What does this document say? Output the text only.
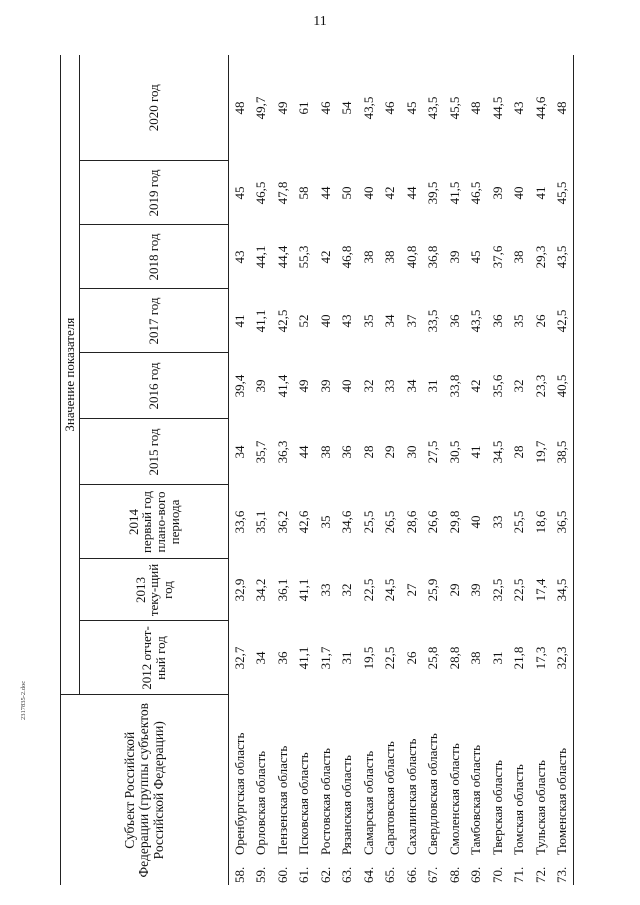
11
2317835-2.doc
Субъект Российской Федерации (группы субъектов Российской Федерации)		Значение показателя								
		2012 отчет-ный год	2013 теку-щий год	2014 первый год плано-вого периода	2015 год	2016 год	2017 год	2018 год	2019 год	2020 год
58.	Оренбургская область	32,7	32,9	33,6	34	39,4	41	43	45	48
59.	Орловская область	34	34,2	35,1	35,7	39	41,1	44,1	46,5	49,7
60.	Пензенская область	36	36,1	36,2	36,3	41,4	42,5	44,4	47,8	49
61.	Псковская область	41,1	41,1	42,6	44	49	52	55,3	58	61
62.	Ростовская область	31,7	33	35	38	39	40	42	44	46
63.	Рязанская область	31	32	34,6	36	40	43	46,8	50	54
64.	Самарская область	19,5	22,5	25,5	28	32	35	38	40	43,5
65.	Саратовская область	22,5	24,5	26,5	29	33	34	38	42	46
66.	Сахалинская область	26	27	28,6	30	34	37	40,8	44	45
67.	Свердловская область	25,8	25,9	26,6	27,5	31	33,5	36,8	39,5	43,5
68.	Смоленская область	28,8	29	29,8	30,5	33,8	36	39	41,5	45,5
69.	Тамбовская область	38	39	40	41	42	43,5	45	46,5	48
70.	Тверская область	31	32,5	33	34,5	35,6	36	37,6	39	44,5
71.	Томская область	21,8	22,5	25,5	28	32	35	38	40	43
72.	Тульская область	17,3	17,4	18,6	19,7	23,3	26	29,3	41	44,6
73.	Тюменская область	32,3	34,5	36,5	38,5	40,5	42,5	43,5	45,5	48
